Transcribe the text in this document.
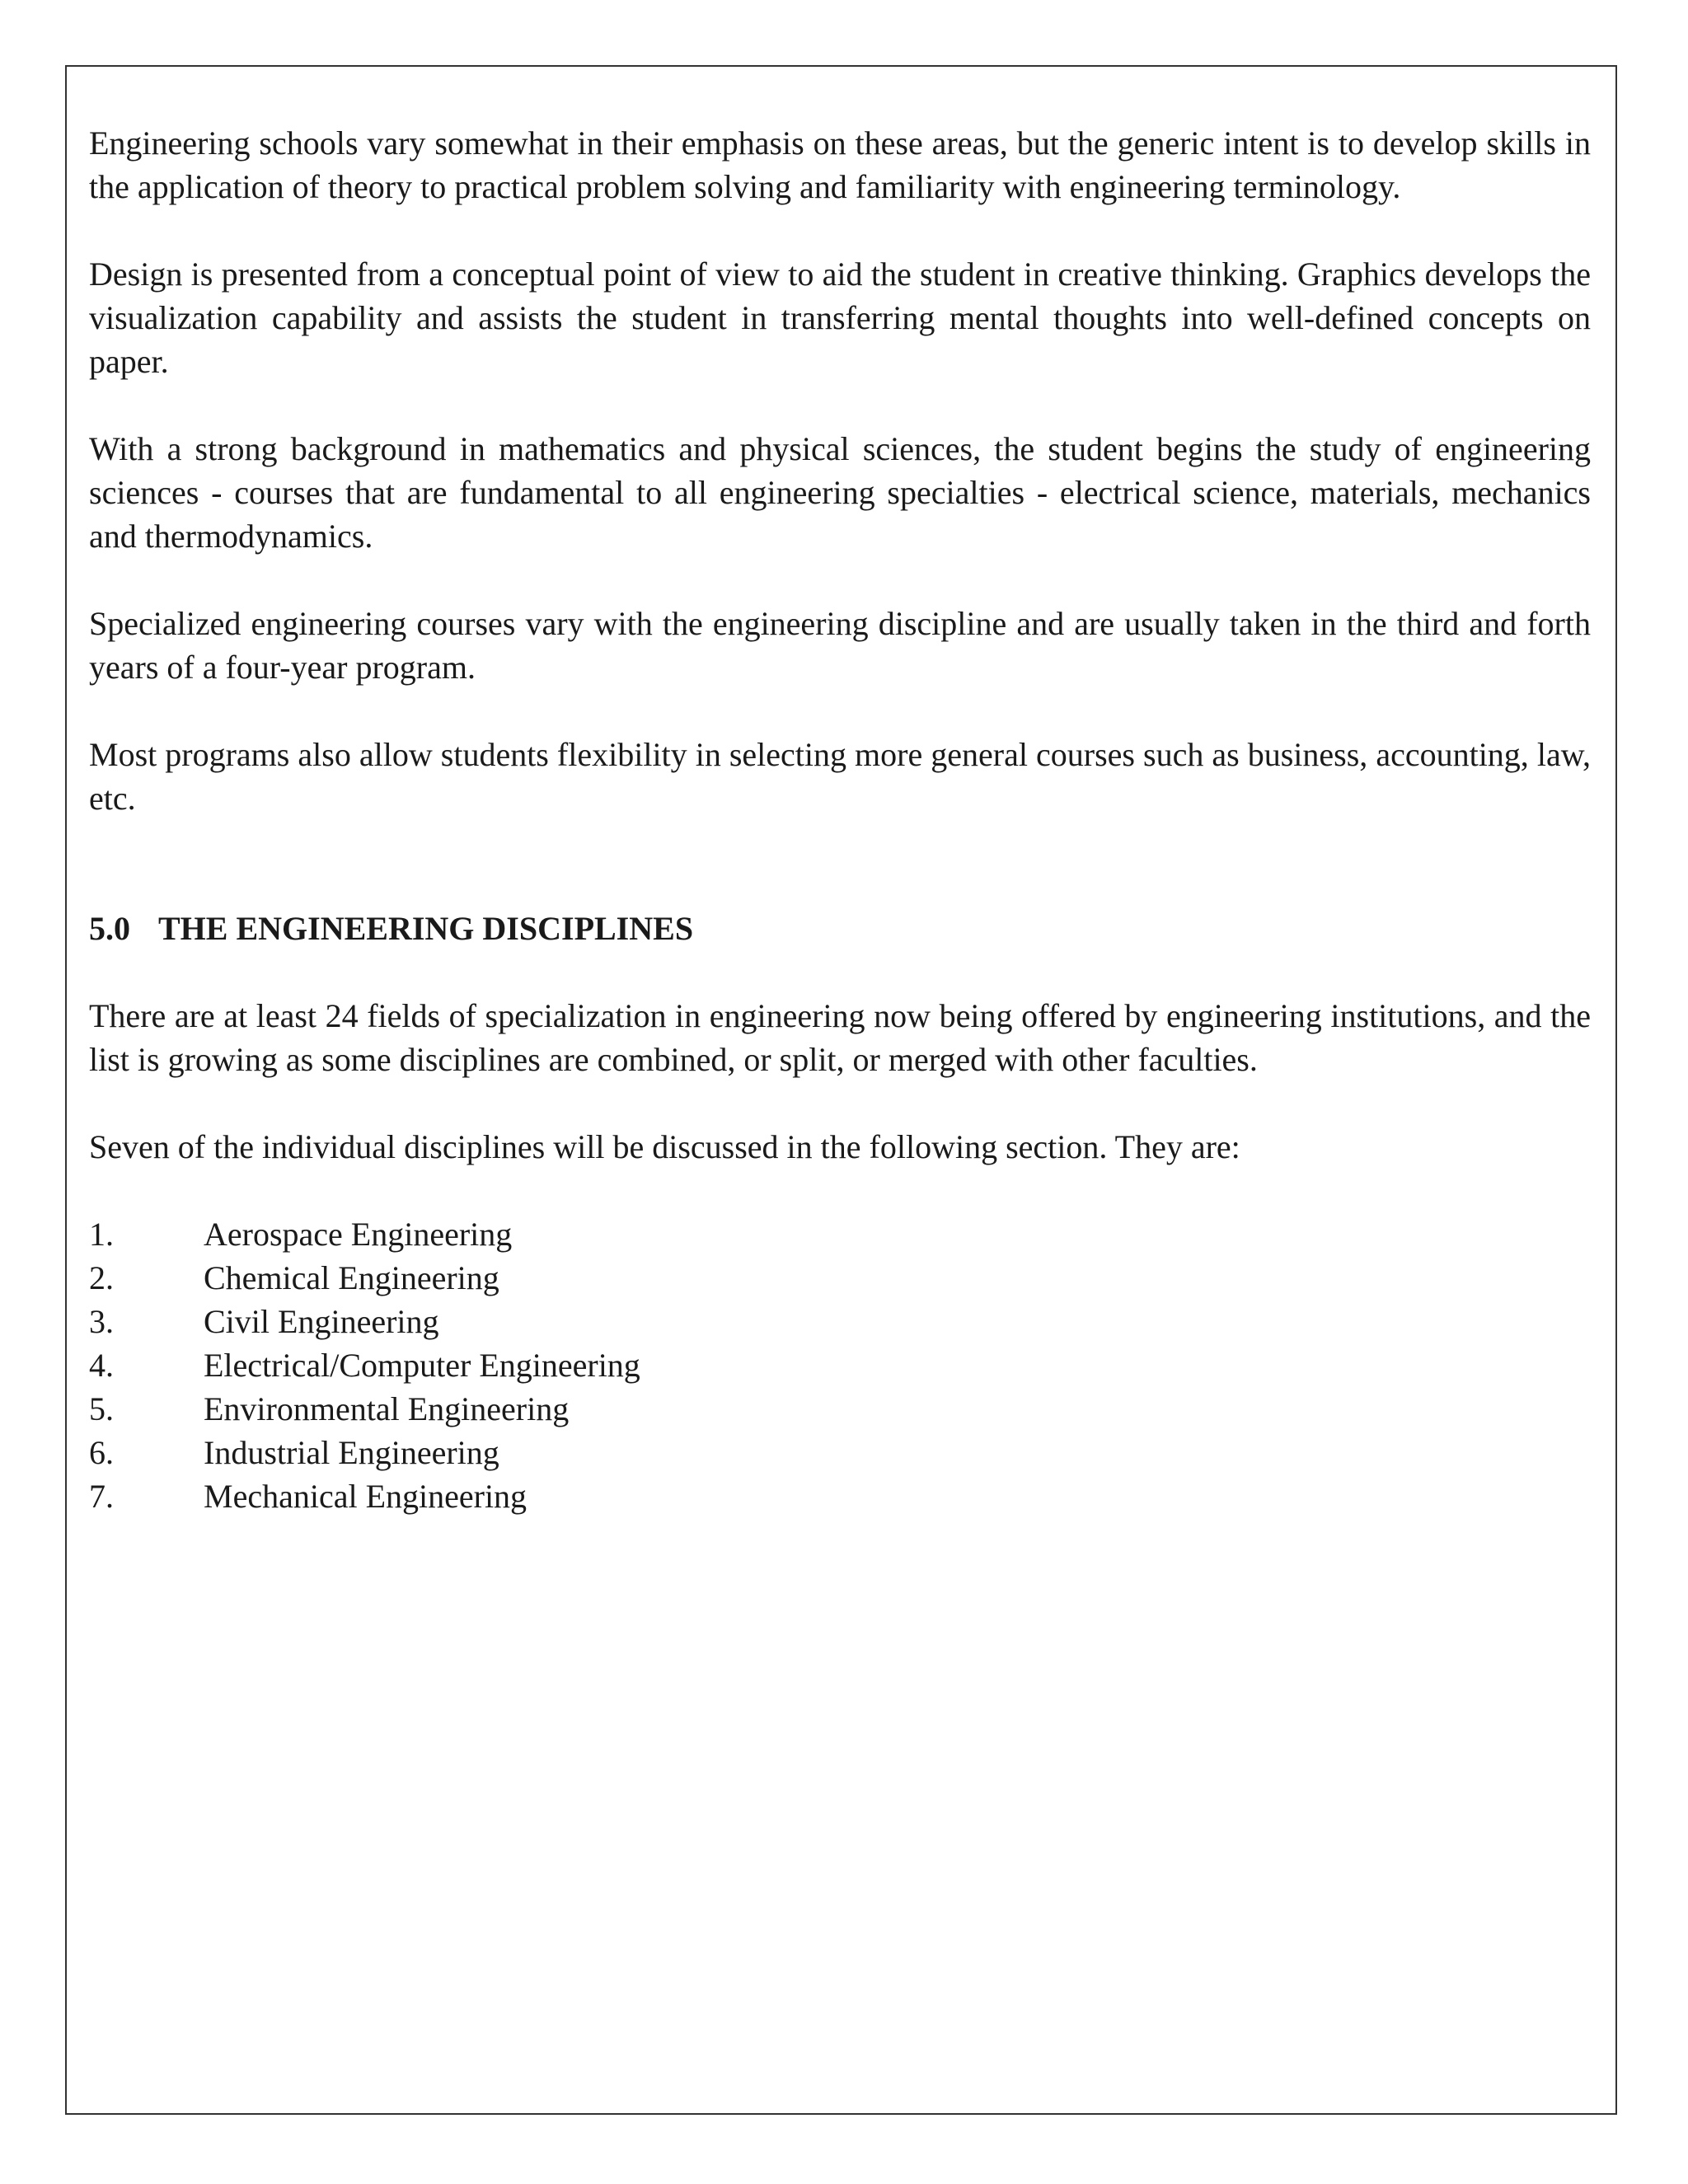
Engineering schools vary somewhat in their emphasis on these areas, but the generic intent is to develop skills in the application of theory to practical problem solving and familiarity with engineering terminology.

Design is presented from a conceptual point of view to aid the student in creative thinking. Graphics develops the visualization capability and assists the student in transferring mental thoughts into well-defined concepts on paper.

With a strong background in mathematics and physical sciences, the student begins the study of engineering sciences - courses that are fundamental to all engineering specialties - electrical science, materials, mechanics and thermodynamics.

Specialized engineering courses vary with the engineering discipline and are usually taken in the third and forth years of a four-year program.

Most programs also allow students flexibility in selecting more general courses such as business, accounting, law, etc.

5.0 THE ENGINEERING DISCIPLINES

There are at least 24 fields of specialization in engineering now being offered by engineering institutions, and the list is growing as some disciplines are combined, or split, or merged with other faculties.

Seven of the individual disciplines will be discussed in the following section. They are:

1.	Aerospace Engineering
2.	Chemical Engineering
3.	Civil Engineering
4.	Electrical/Computer Engineering
5.	Environmental Engineering
6.	Industrial Engineering
7.	Mechanical Engineering
